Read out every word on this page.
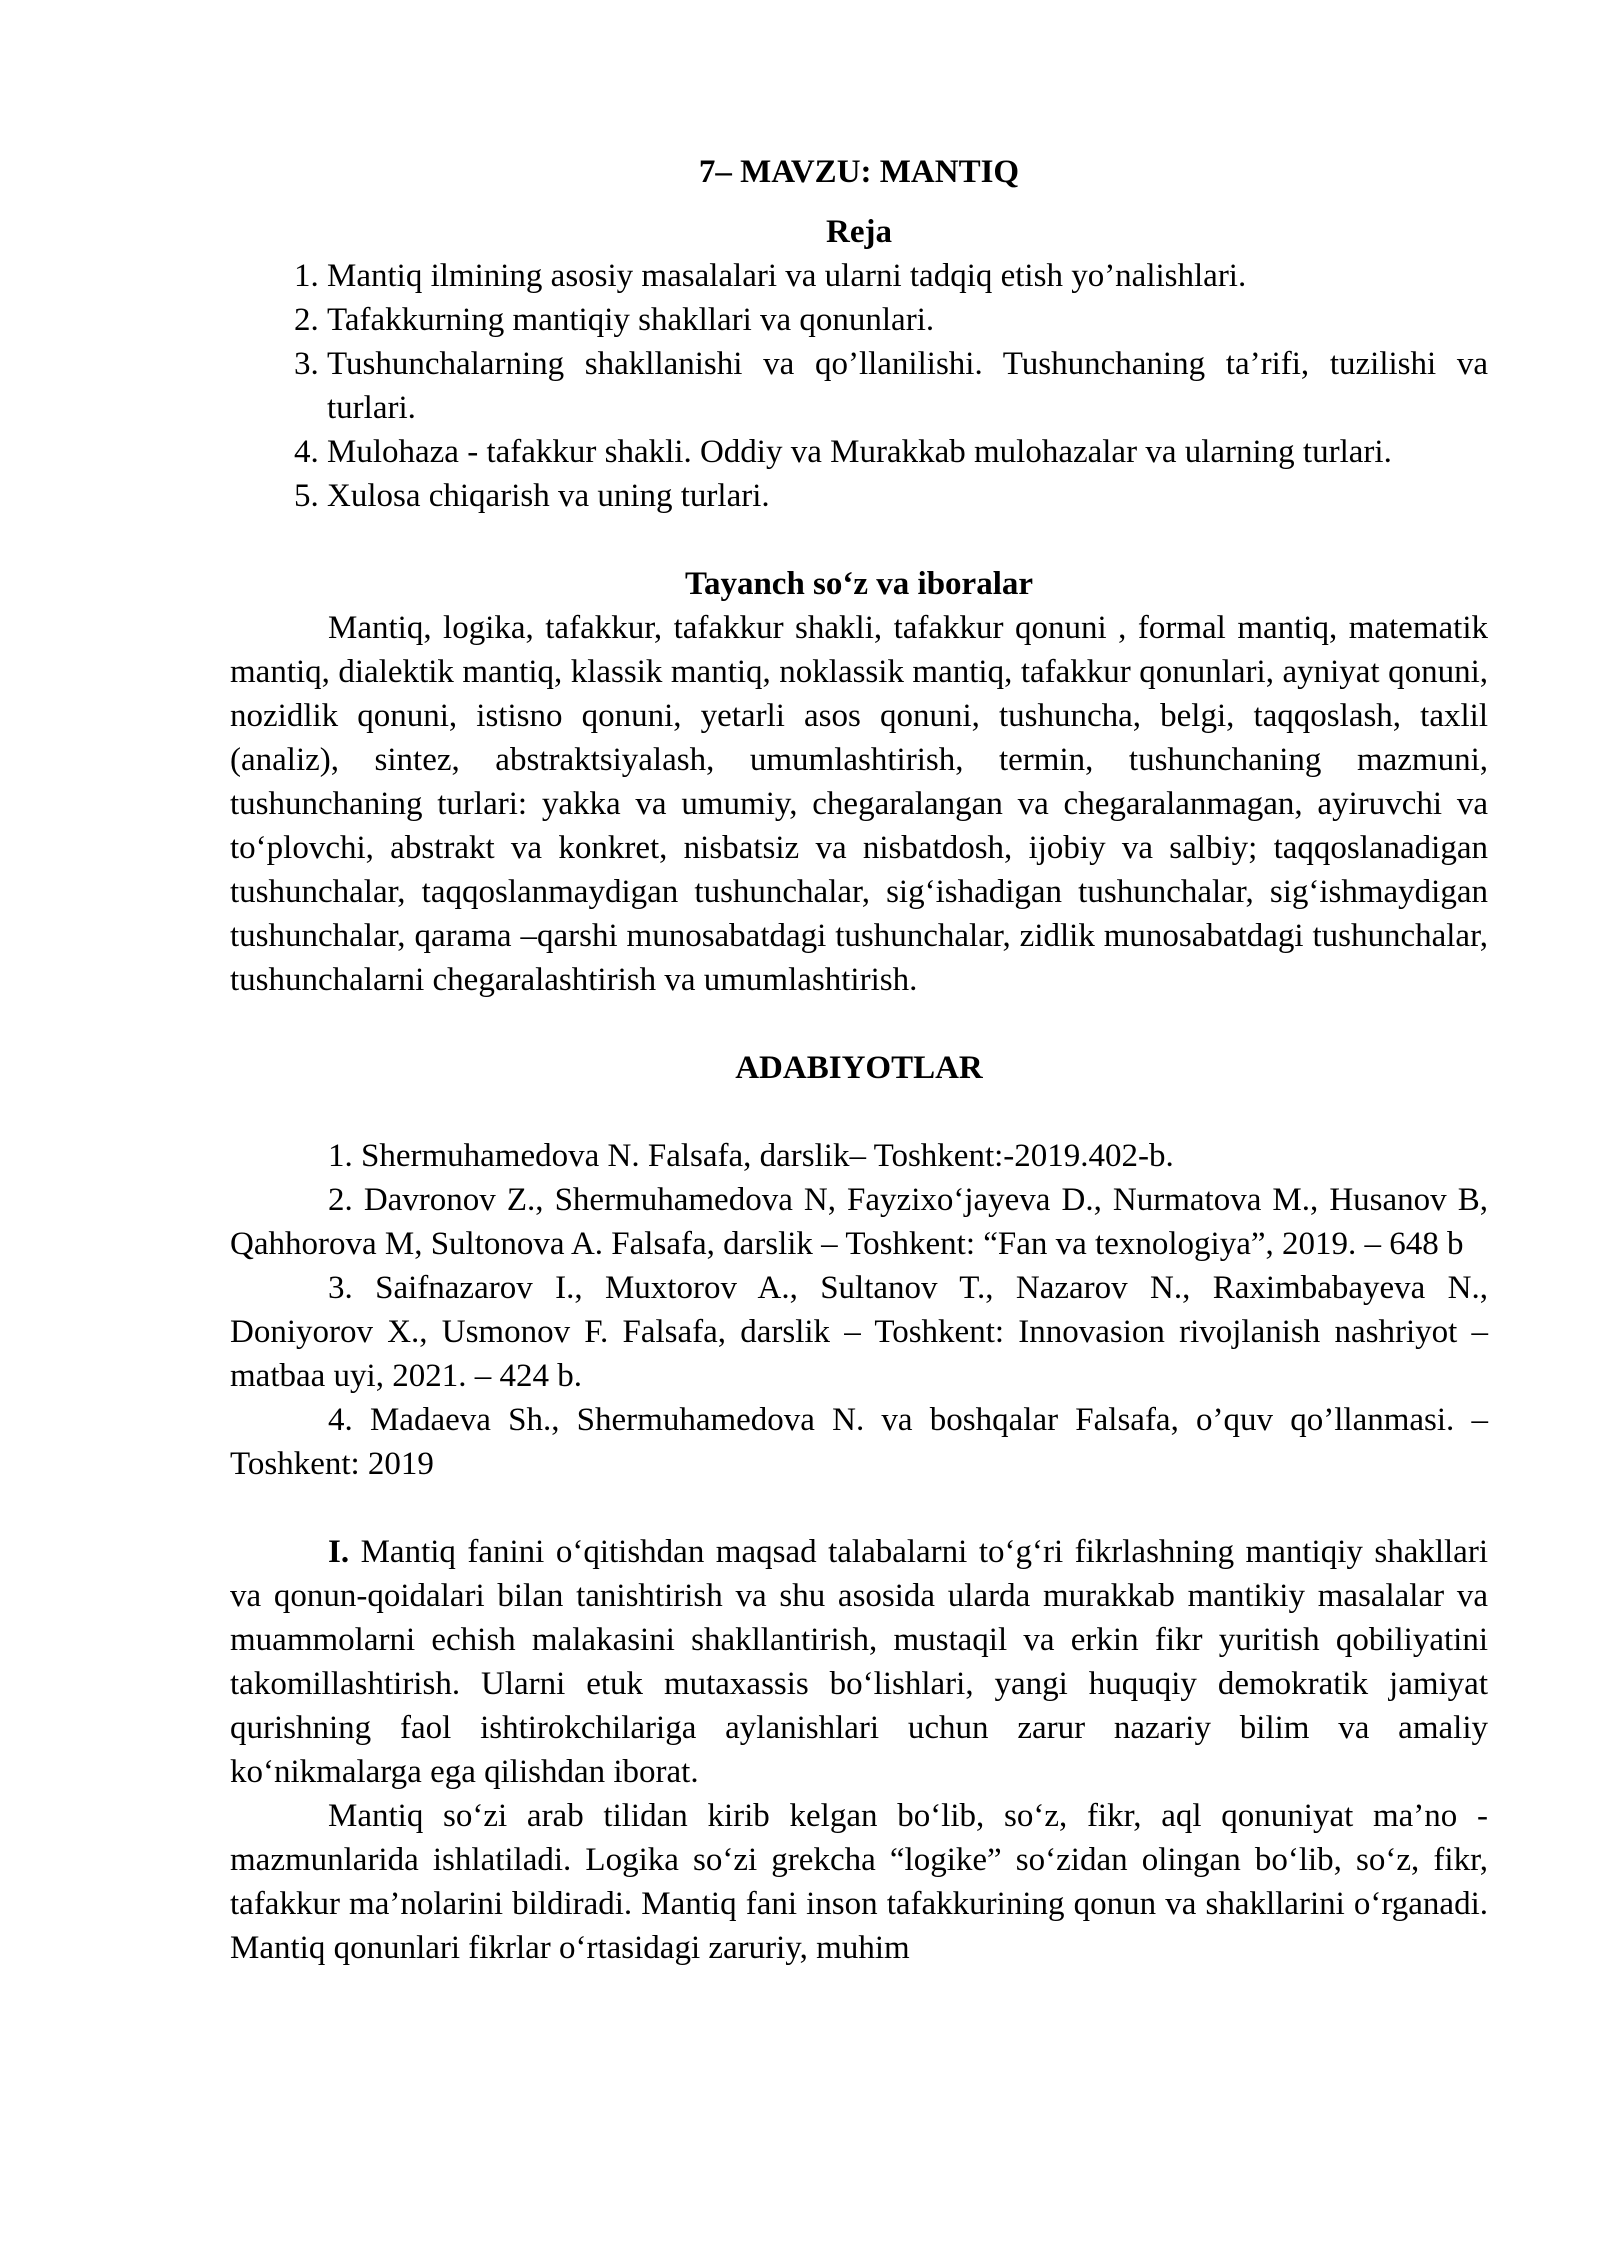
7– MAVZU: MANTIQ
Reja
1. Mantiq ilmining asosiy masalalari va ularni tadqiq etish yo’nalishlari.
2. Tafakkurning mantiqiy shakllari va qonunlari.
3. Tushunchalarning shakllanishi va qo’llanilishi. Tushunchaning ta’rifi, tuzilishi va turlari.
4. Mulohaza - tafakkur shakli. Oddiy va Murakkab mulohazalar va ularning turlari.
5. Xulosa chiqarish va uning turlari.
Tayanch so‘z va iboralar

Mantiq, logika, tafakkur, tafakkur shakli, tafakkur qonuni , formal mantiq, matematik mantiq, dialektik mantiq, klassik mantiq, noklassik mantiq, tafakkur qonunlari, ayniyat qonuni, nozidlik qonuni, istisno qonuni, yetarli asos qonuni, tushuncha, belgi, taqqoslash, taxlil (analiz), sintez, abstraktsiyalash, umumlashtirish, termin, tushunchaning mazmuni, tushunchaning turlari: yakka va umumiy, chegaralangan va chegaralanmagan, ayiruvchi va to‘plovchi, abstrakt va konkret, nisbatsiz va nisbatdosh, ijobiy va salbiy; taqqoslanadigan tushunchalar, taqqoslanmaydigan tushunchalar, sig‘ishadigan tushunchalar, sig‘ishmaydigan tushunchalar, qarama –qarshi munosabatdagi tushunchalar, zidlik munosabatdagi tushunchalar, tushunchalarni chegaralashtirish va umumlashtirish.

ADABIYOTLAR

1. Shermuhamedova N. Falsafa, darslik– Toshkent:-2019.402-b.

2. Davronov Z., Shermuhamedova N, Fayzixo‘jayeva D., Nurmatova M., Husanov B, Qahhorova M, Sultonova A. Falsafa, darslik – Toshkent: “Fan va texnologiya”, 2019. – 648 b

3. Saifnazarov I., Muxtorov A., Sultanov T., Nazarov N., Raximbabayeva N., Doniyorov X., Usmonov F. Falsafa, darslik – Toshkent: Innovasion rivojlanish nashriyot –matbaa uyi, 2021. – 424 b.

4. Madaeva Sh., Shermuhamedova N. va boshqalar Falsafa, o’quv qo’llanmasi. –Toshkent: 2019

I. Mantiq fanini o‘qitishdan maqsad talabalarni to‘g‘ri fikrlashning mantiqiy shakllari va qonun-qoidalari bilan tanishtirish va shu asosida ularda murakkab mantikiy masalalar va muammolarni echish malakasini shakllantirish, mustaqil va erkin fikr yuritish qobiliyatini takomillashtirish. Ularni etuk mutaxassis bo‘lishlari, yangi huquqiy demokratik jamiyat qurishning faol ishtirokchilariga aylanishlari uchun zarur nazariy bilim va amaliy ko‘nikmalarga ega qilishdan iborat.

Mantiq so‘zi arab tilidan kirib kelgan bo‘lib, so‘z, fikr, aql qonuniyat ma’no - mazmunlarida ishlatiladi. Logika so‘zi grekcha “logike” so‘zidan olingan bo‘lib, so‘z, fikr, tafakkur ma’nolarini bildiradi. Mantiq fani inson tafakkurining qonun va shakllarini o‘rganadi. Mantiq qonunlari fikrlar o‘rtasidagi zaruriy, muhim
